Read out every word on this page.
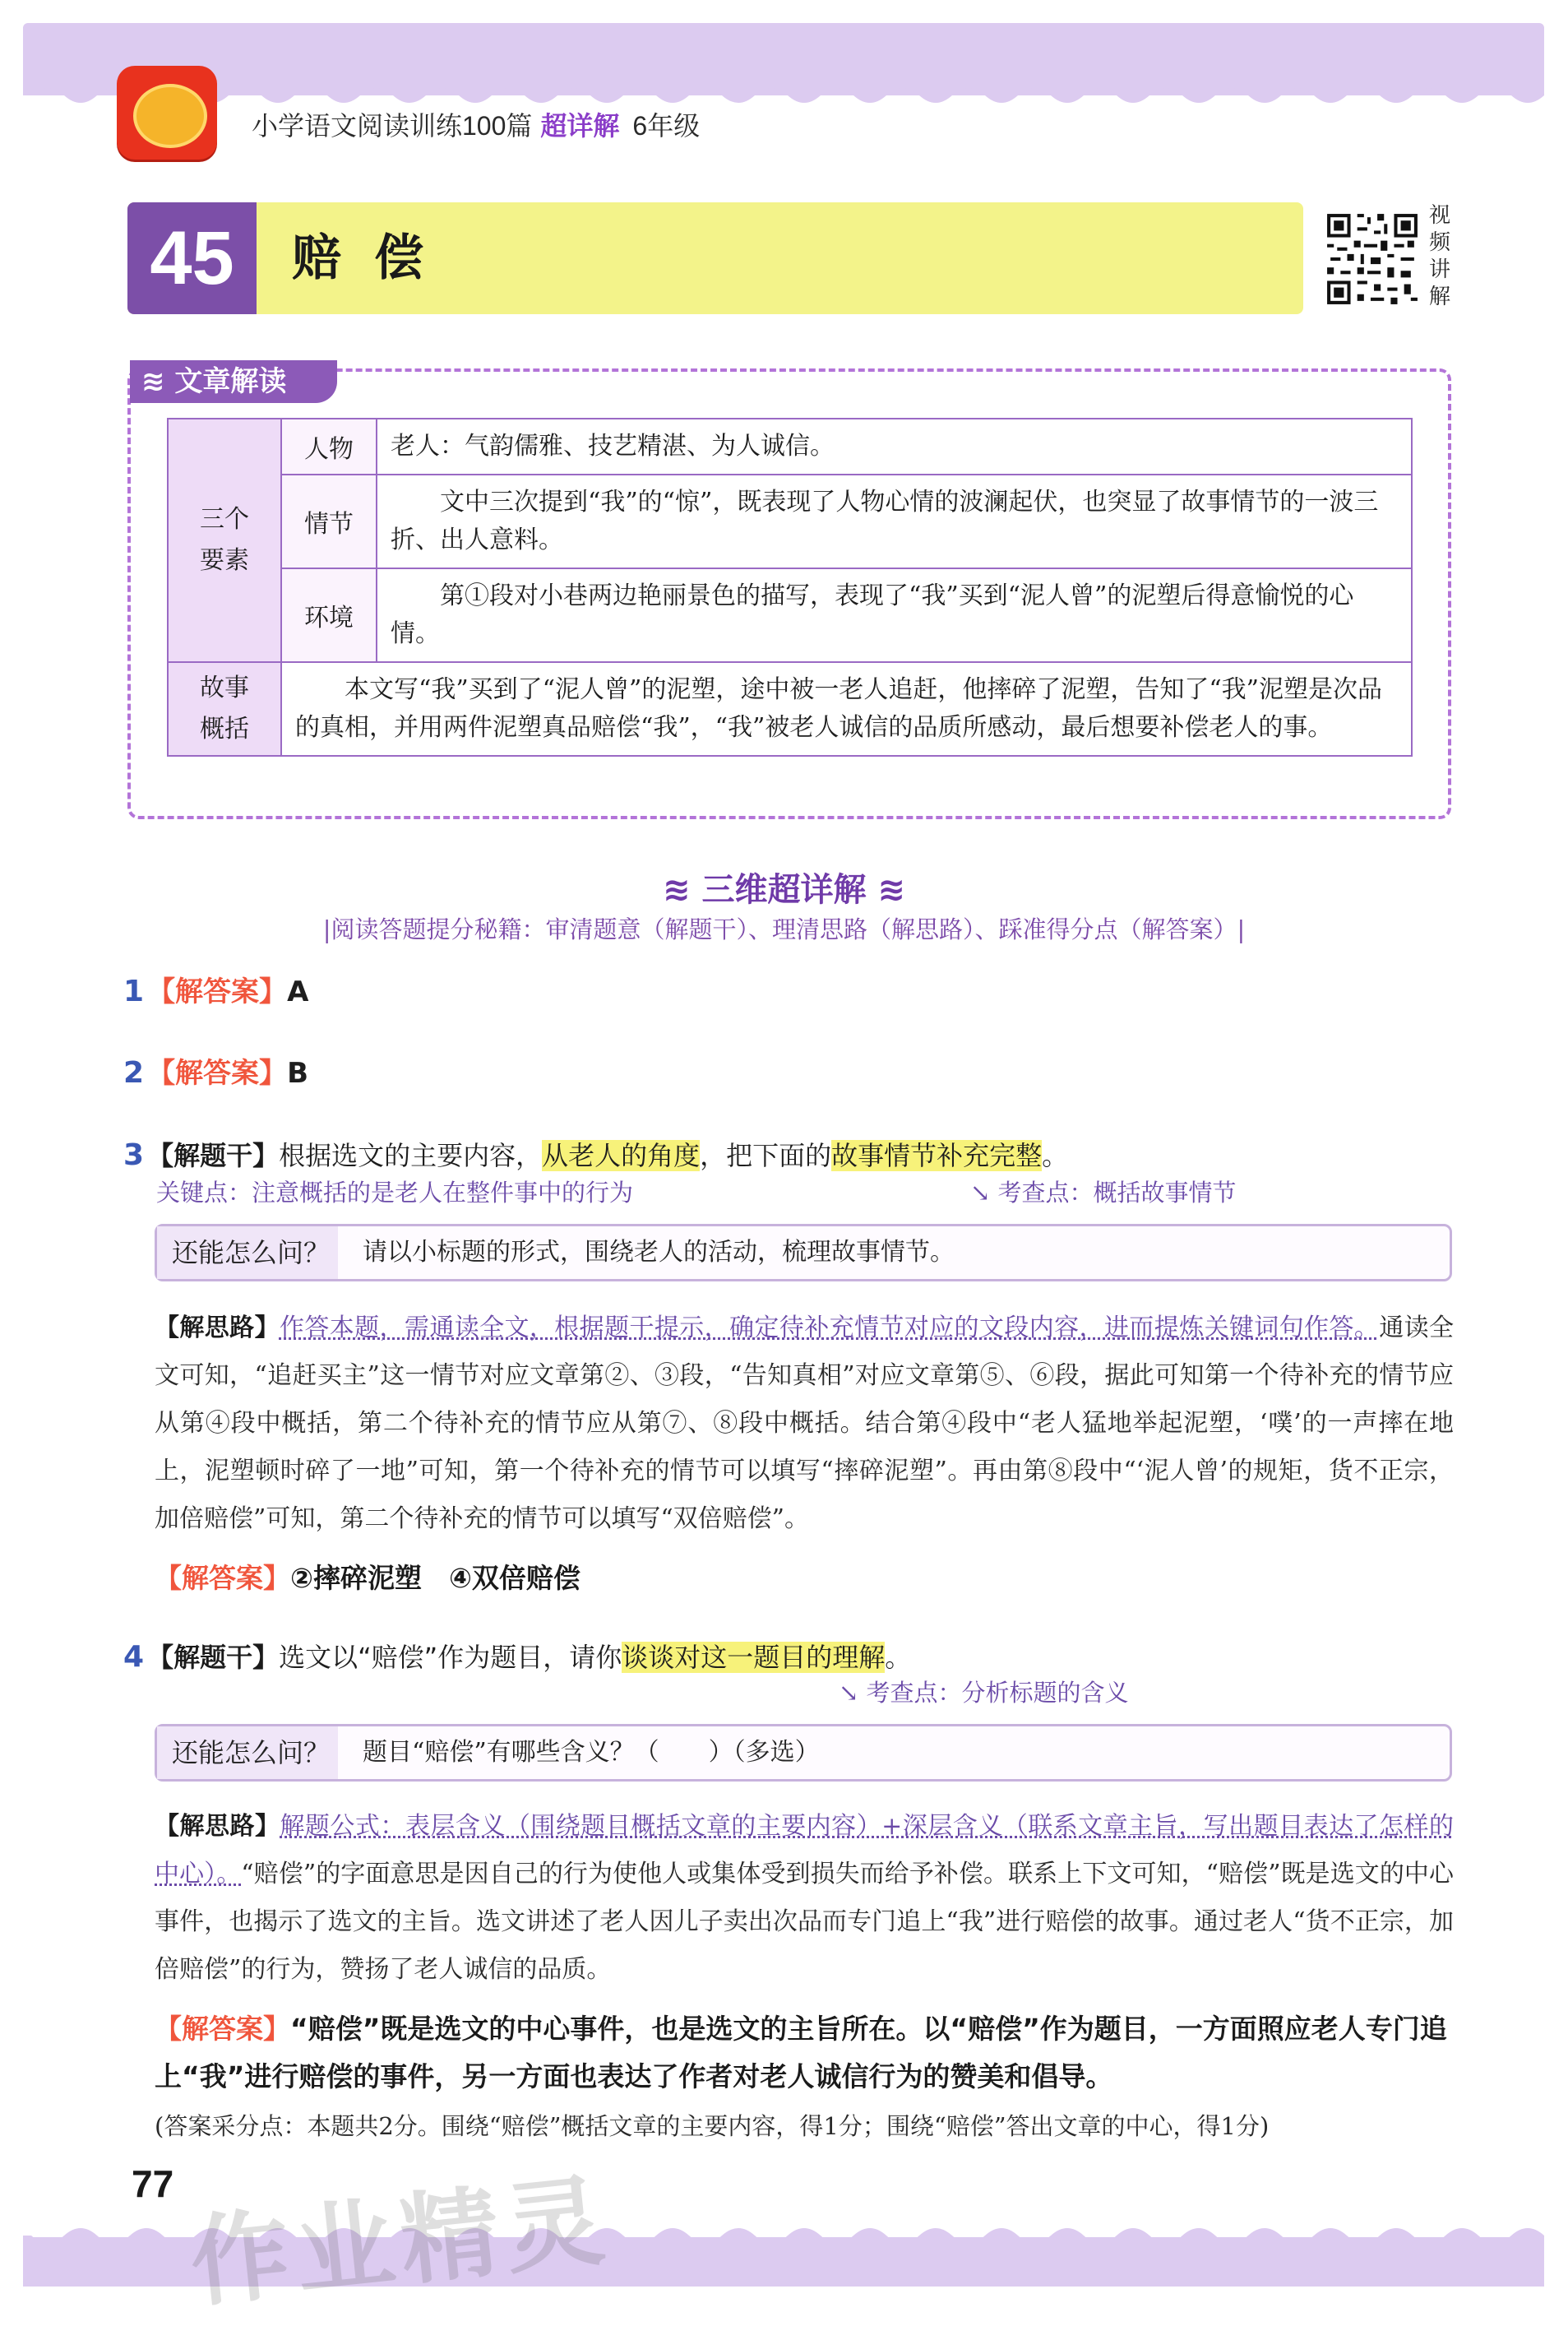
小学语文阅读训练100篇 超详解 6年级
45	赔偿
视频讲解
≋ 文章解读
三个要素	人物	老人：气韵儒雅、技艺精湛、为人诚信。
	情节	文中三次提到“我”的“惊”，既表现了人物心情的波澜起伏，也突显了故事情节的一波三折、出人意料。
	环境	第①段对小巷两边艳丽景色的描写，表现了“我”买到“泥人曾”的泥塑后得意愉悦的心情。
故事概括	本文写“我”买到了“泥人曾”的泥塑，途中被一老人追赶，他摔碎了泥塑，告知了“我”泥塑是次品的真相，并用两件泥塑真品赔偿“我”，“我”被老人诚信的品质所感动，最后想要补偿老人的事。	
≋ 三维超详解 ≋
|阅读答题提分秘籍：审清题意（解题干）、理清思路（解思路）、踩准得分点（解答案）|
1 【解答案】A
2 【解答案】B
3 【解题干】根据选文的主要内容，从老人的角度，把下面的故事情节补充完整。
关键点：注意概括的是老人在整件事中的行为	↘ 考查点：概括故事情节
还能怎么问？	请以小标题的形式，围绕老人的活动，梳理故事情节。
【解思路】作答本题，需通读全文，根据题干提示，确定待补充情节对应的文段内容，进而提炼关键词句作答。通读全文可知，“追赶买主”这一情节对应文章第②、③段，“告知真相”对应文章第⑤、⑥段，据此可知第一个待补充的情节应从第④段中概括，第二个待补充的情节应从第⑦、⑧段中概括。结合第④段中“老人猛地举起泥塑，‘噗’的一声摔在地上，泥塑顿时碎了一地”可知，第一个待补充的情节可以填写“摔碎泥塑”。再由第⑧段中“‘泥人曾’的规矩，货不正宗，加倍赔偿”可知，第二个待补充的情节可以填写“双倍赔偿”。
【解答案】②摔碎泥塑　④双倍赔偿
4 【解题干】选文以“赔偿”作为题目，请你谈谈对这一题目的理解。
↘ 考查点：分析标题的含义
还能怎么问？	题目“赔偿”有哪些含义？（　　）（多选）
【解思路】解题公式：表层含义（围绕题目概括文章的主要内容）+深层含义（联系文章主旨，写出题目表达了怎样的中心）。“赔偿”的字面意思是因自己的行为使他人或集体受到损失而给予补偿。联系上下文可知，“赔偿”既是选文的中心事件，也揭示了选文的主旨。选文讲述了老人因儿子卖出次品而专门追上“我”进行赔偿的故事。通过老人“货不正宗，加倍赔偿”的行为，赞扬了老人诚信的品质。
【解答案】“赔偿”既是选文的中心事件，也是选文的主旨所在。以“赔偿”作为题目，一方面照应老人专门追上“我”进行赔偿的事件，另一方面也表达了作者对老人诚信行为的赞美和倡导。
(答案采分点：本题共2分。围绕“赔偿”概括文章的主要内容，得1分；围绕“赔偿”答出文章的中心，得1分)
77 作业精灵
